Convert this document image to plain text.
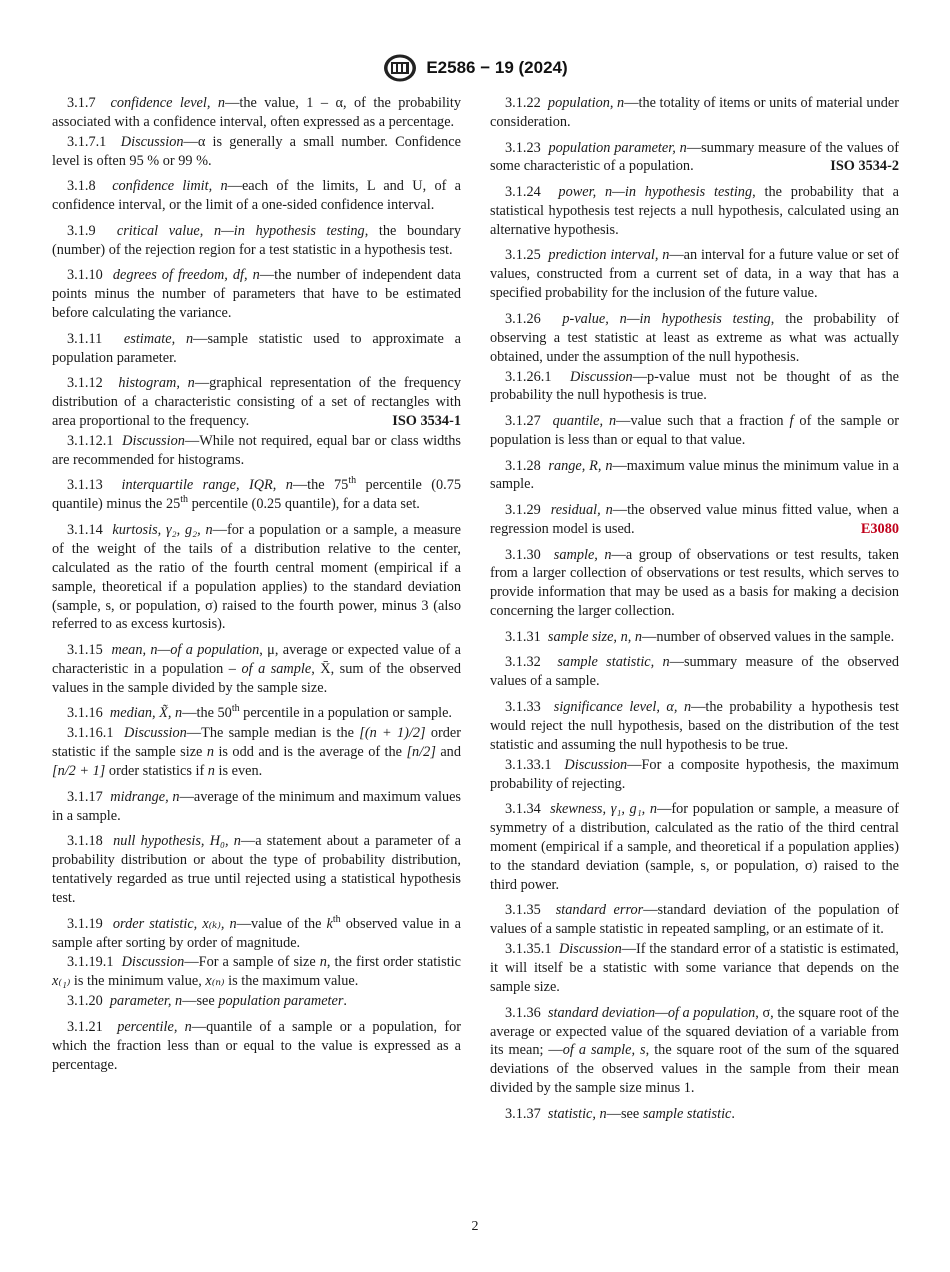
E2586 − 19 (2024)

3.1.7 confidence level, n—the value, 1 – α, of the probability associated with a confidence interval, often expressed as a percentage.

3.1.7.1 Discussion—α is generally a small number. Confidence level is often 95 % or 99 %.

3.1.8 confidence limit, n—each of the limits, L and U, of a confidence interval, or the limit of a one-sided confidence interval.

3.1.9 critical value, n—in hypothesis testing, the boundary (number) of the rejection region for a test statistic in a hypothesis test.

3.1.10 degrees of freedom, df, n—the number of independent data points minus the number of parameters that have to be estimated before calculating the variance.

3.1.11 estimate, n—sample statistic used to approximate a population parameter.

3.1.12 histogram, n—graphical representation of the frequency distribution of a characteristic consisting of a set of rectangles with area proportional to the frequency.	ISO 3534-1

3.1.12.1 Discussion—While not required, equal bar or class widths are recommended for histograms.

3.1.13 interquartile range, IQR, n—the 75th percentile (0.75 quantile) minus the 25th percentile (0.25 quantile), for a data set.

3.1.14 kurtosis, γ₂, g₂, n—for a population or a sample, a measure of the weight of the tails of a distribution relative to the center, calculated as the ratio of the fourth central moment (empirical if a sample, theoretical if a population applies) to the standard deviation (sample, s, or population, σ) raised to the fourth power, minus 3 (also referred to as excess kurtosis).

3.1.15 mean, n—of a population, μ, average or expected value of a characteristic in a population – of a sample, X̄, sum of the observed values in the sample divided by the sample size.

3.1.16 median, X̃, n—the 50th percentile in a population or sample.

3.1.16.1 Discussion—The sample median is the [(n + 1)/2] order statistic if the sample size n is odd and is the average of the [n/2] and [n/2 + 1] order statistics if n is even.

3.1.17 midrange, n—average of the minimum and maximum values in a sample.

3.1.18 null hypothesis, H₀, n—a statement about a parameter of a probability distribution or about the type of probability distribution, tentatively regarded as true until rejected using a statistical hypothesis test.

3.1.19 order statistic, x₍ₖ₎, n—value of the $k^{th}$ observed value in a sample after sorting by order of magnitude.

3.1.19.1 Discussion—For a sample of size n, the first order statistic x₍₁₎ is the minimum value, x₍ₙ₎ is the maximum value.

3.1.20 parameter, n—see population parameter.

3.1.21 percentile, n—quantile of a sample or a population, for which the fraction less than or equal to the value is expressed as a percentage.

3.1.22 population, n—the totality of items or units of material under consideration.

3.1.23 population parameter, n—summary measure of the values of some characteristic of a population.	ISO 3534-2

3.1.24 power, n—in hypothesis testing, the probability that a statistical hypothesis test rejects a null hypothesis, calculated using an alternative hypothesis.

3.1.25 prediction interval, n—an interval for a future value or set of values, constructed from a current set of data, in a way that has a specified probability for the inclusion of the future value.

3.1.26 p-value, n—in hypothesis testing, the probability of observing a test statistic at least as extreme as what was actually obtained, under the assumption of the null hypothesis.

3.1.26.1 Discussion—p-value must not be thought of as the probability the null hypothesis is true.

3.1.27 quantile, n—value such that a fraction f of the sample or population is less than or equal to that value.

3.1.28 range, R, n—maximum value minus the minimum value in a sample.

3.1.29 residual, n—the observed value minus fitted value, when a regression model is used.	E3080

3.1.30 sample, n—a group of observations or test results, taken from a larger collection of observations or test results, which serves to provide information that may be used as a basis for making a decision concerning the larger collection.

3.1.31 sample size, n, n—number of observed values in the sample.

3.1.32 sample statistic, n—summary measure of the observed values of a sample.

3.1.33 significance level, α, n—the probability a hypothesis test would reject the null hypothesis, based on the distribution of the test statistic and assuming the null hypothesis to be true.

3.1.33.1 Discussion—For a composite hypothesis, the maximum probability of rejecting.

3.1.34 skewness, γ₁, g₁, n—for population or sample, a measure of symmetry of a distribution, calculated as the ratio of the third central moment (empirical if a sample, and theoretical if a population applies) to the standard deviation (sample, s, or population, σ) raised to the third power.

3.1.35 standard error—standard deviation of the population of values of a sample statistic in repeated sampling, or an estimate of it.

3.1.35.1 Discussion—If the standard error of a statistic is estimated, it will itself be a statistic with some variance that depends on the sample size.

3.1.36 standard deviation—of a population, σ, the square root of the average or expected value of the squared deviation of a variable from its mean; —of a sample, s, the square root of the sum of the squared deviations of the observed values in the sample from their mean divided by the sample size minus 1.

3.1.37 statistic, n—see sample statistic.

2
